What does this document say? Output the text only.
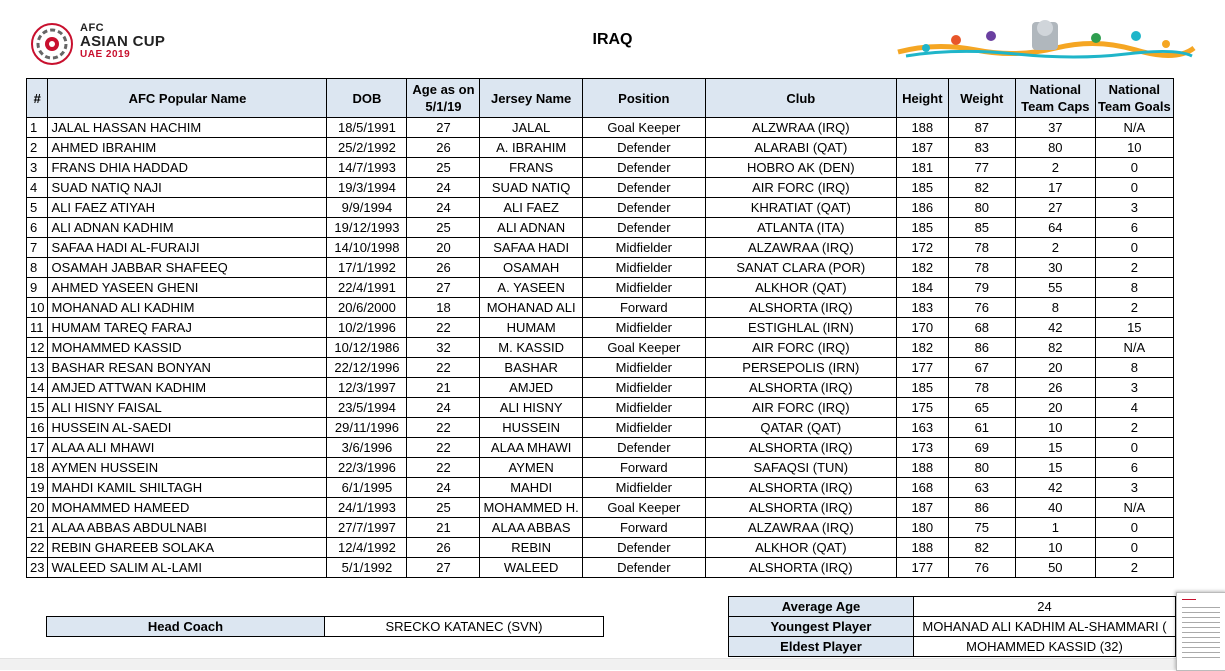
AFC
ASIAN CUP
UAE 2019
IRAQ
#	AFC Popular Name	DOB	Age as on 5/1/19	Jersey Name	Position	Club	Height	Weight	National Team Caps	National Team Goals
1	JALAL HASSAN HACHIM	18/5/1991	27	JALAL	Goal Keeper	ALZWRAA (IRQ)	188	87	37	N/A
2	AHMED IBRAHIM	25/2/1992	26	A. IBRAHIM	Defender	ALARABI (QAT)	187	83	80	10
3	FRANS DHIA HADDAD	14/7/1993	25	FRANS	Defender	HOBRO AK (DEN)	181	77	2	0
4	SUAD NATIQ NAJI	19/3/1994	24	SUAD NATIQ	Defender	AIR FORC (IRQ)	185	82	17	0
5	ALI FAEZ ATIYAH	9/9/1994	24	ALI FAEZ	Defender	KHRATIAT (QAT)	186	80	27	3
6	ALI ADNAN KADHIM	19/12/1993	25	ALI ADNAN	Defender	ATLANTA (ITA)	185	85	64	6
7	SAFAA HADI AL-FURAIJI	14/10/1998	20	SAFAA HADI	Midfielder	ALZAWRAA (IRQ)	172	78	2	0
8	OSAMAH JABBAR SHAFEEQ	17/1/1992	26	OSAMAH	Midfielder	SANAT CLARA (POR)	182	78	30	2
9	AHMED YASEEN GHENI	22/4/1991	27	A. YASEEN	Midfielder	ALKHOR (QAT)	184	79	55	8
10	MOHANAD ALI KADHIM	20/6/2000	18	MOHANAD ALI	Forward	ALSHORTA (IRQ)	183	76	8	2
11	HUMAM TAREQ FARAJ	10/2/1996	22	HUMAM	Midfielder	ESTIGHLAL (IRN)	170	68	42	15
12	MOHAMMED KASSID	10/12/1986	32	M. KASSID	Goal Keeper	AIR FORC (IRQ)	182	86	82	N/A
13	BASHAR RESAN BONYAN	22/12/1996	22	BASHAR	Midfielder	PERSEPOLIS (IRN)	177	67	20	8
14	AMJED ATTWAN KADHIM	12/3/1997	21	AMJED	Midfielder	ALSHORTA (IRQ)	185	78	26	3
15	ALI HISNY FAISAL	23/5/1994	24	ALI HISNY	Midfielder	AIR FORC (IRQ)	175	65	20	4
16	HUSSEIN AL-SAEDI	29/11/1996	22	HUSSEIN	Midfielder	QATAR (QAT)	163	61	10	2
17	ALAA ALI MHAWI	3/6/1996	22	ALAA MHAWI	Defender	ALSHORTA (IRQ)	173	69	15	0
18	AYMEN HUSSEIN	22/3/1996	22	AYMEN	Forward	SAFAQSI (TUN)	188	80	15	6
19	MAHDI KAMIL SHILTAGH	6/1/1995	24	MAHDI	Midfielder	ALSHORTA (IRQ)	168	63	42	3
20	MOHAMMED HAMEED	24/1/1993	25	MOHAMMED H.	Goal Keeper	ALSHORTA (IRQ)	187	86	40	N/A
21	ALAA ABBAS ABDULNABI	27/7/1997	21	ALAA ABBAS	Forward	ALZAWRAA (IRQ)	180	75	1	0
22	REBIN GHAREEB SOLAKA	12/4/1992	26	REBIN	Defender	ALKHOR (QAT)	188	82	10	0
23	WALEED SALIM AL-LAMI	5/1/1992	27	WALEED	Defender	ALSHORTA (IRQ)	177	76	50	2
Head Coach	SRECKO KATANEC (SVN)
Average Age	24
Youngest Player	MOHANAD ALI KADHIM AL-SHAMMARI (
Eldest Player	MOHAMMED KASSID (32)
